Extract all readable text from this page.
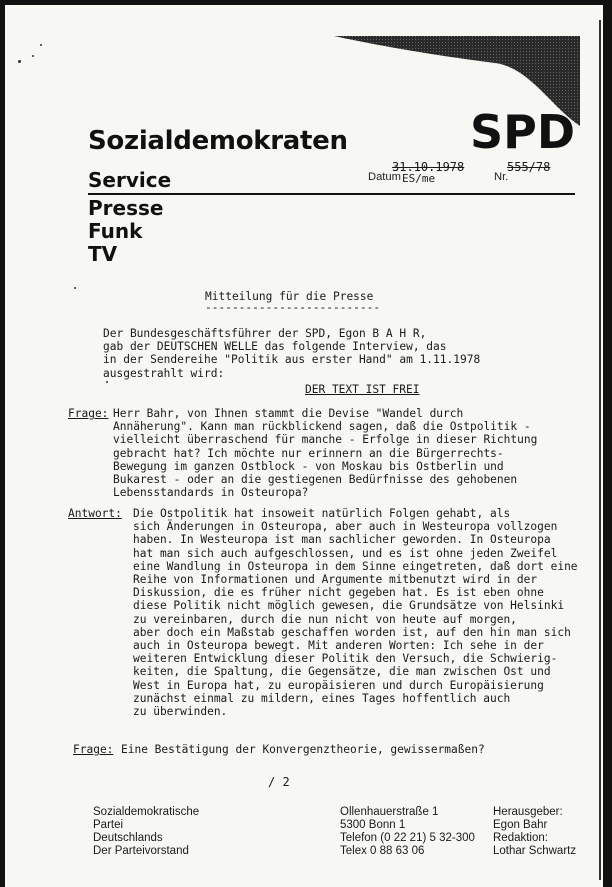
SPD
Sozialdemokraten
Service
Presse
Funk
TV
31.10.1978
Datum ES/me
555/78
Nr.
Mitteilung für die Presse
--------------------------
Der Bundesgeschäftsführer der SPD, Egon B A H R,
gab der DEUTSCHEN WELLE das folgende Interview, das
in der Sendereihe "Politik aus erster Hand" am 1.11.1978
ausgestrahlt wird:
DER TEXT IST FREI
Frage: Herr Bahr, von Ihnen stammt die Devise "Wandel durch
Annäherung". Kann man rückblickend sagen, daß die Ostpolitik -
vielleicht überraschend für manche - Erfolge in dieser Richtung
gebracht hat? Ich möchte nur erinnern an die Bürgerrechts-
Bewegung im ganzen Ostblock - von Moskau bis Ostberlin und
Bukarest - oder an die gestiegenen Bedürfnisse des gehobenen
Lebensstandards in Osteuropa?
Antwort: Die Ostpolitik hat insoweit natürlich Folgen gehabt, als
sich Änderungen in Osteuropa, aber auch in Westeuropa vollzogen
haben. In Westeuropa ist man sachlicher geworden. In Osteuropa
hat man sich auch aufgeschlossen, und es ist ohne jeden Zweifel
eine Wandlung in Osteuropa in dem Sinne eingetreten, daß dort eine
Reihe von Informationen und Argumente mitbenutzt wird in der
Diskussion, die es früher nicht gegeben hat. Es ist eben ohne
diese Politik nicht möglich gewesen, die Grundsätze von Helsinki
zu vereinbaren, durch die nun nicht von heute auf morgen,
aber doch ein Maßstab geschaffen worden ist, auf den hin man sich
auch in Osteuropa bewegt. Mit anderen Worten: Ich sehe in der
weiteren Entwicklung dieser Politik den Versuch, die Schwierig-
keiten, die Spaltung, die Gegensätze, die man zwischen Ost und
West in Europa hat, zu europäisieren und durch Europäisierung
zunächst einmal zu mildern, eines Tages hoffentlich auch
zu überwinden.
Frage: Eine Bestätigung der Konvergenztheorie, gewissermaßen?
/ 2
Sozialdemokratische
Partei
Deutschlands
Der Parteivorstand
Ollenhauerstraße 1
5300 Bonn 1
Telefon (0 22 21) 5 32-300
Telex 0 88 63 06
Herausgeber:
Egon Bahr
Redaktion:
Lothar Schwartz
